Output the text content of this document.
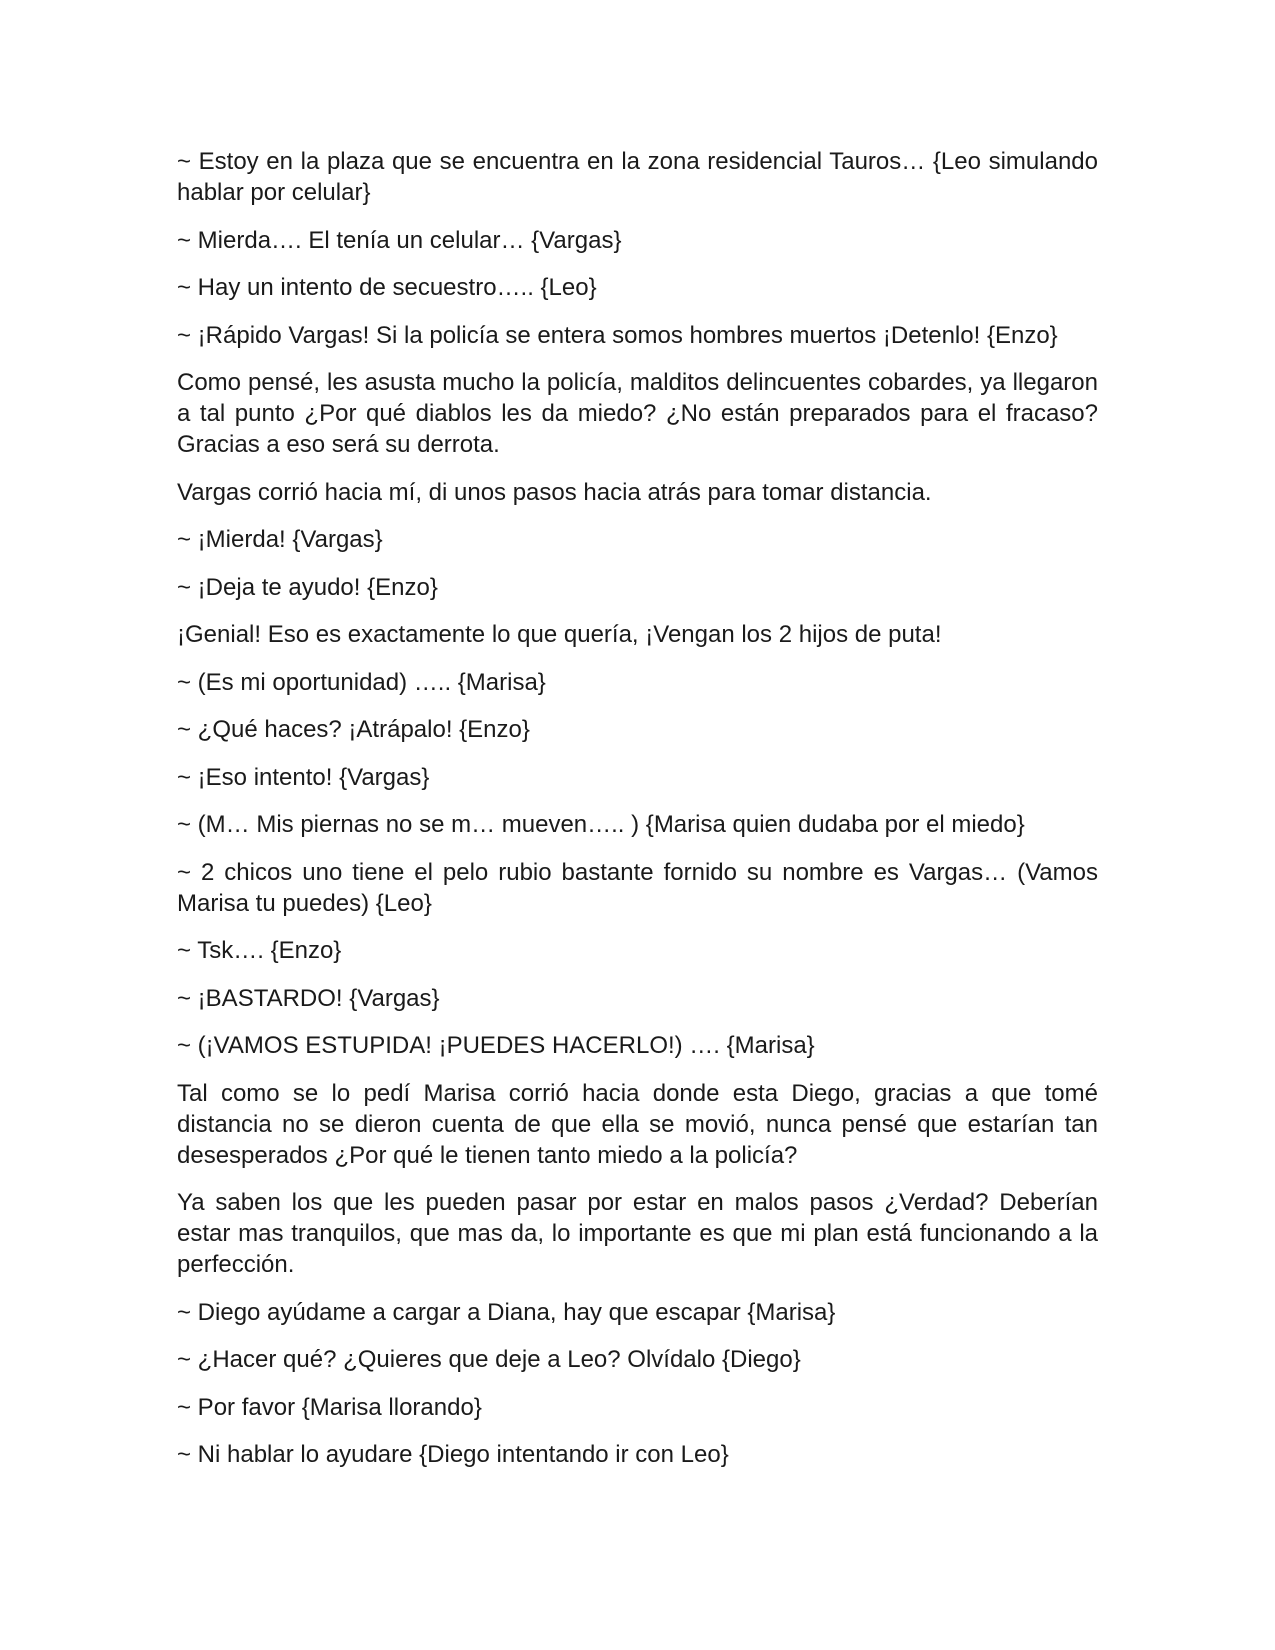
~ Estoy en la plaza que se encuentra en la zona residencial Tauros… {Leo simulando hablar por celular}

~ Mierda…. El tenía un celular… {Vargas}

~ Hay un intento de secuestro….. {Leo}

~ ¡Rápido Vargas! Si la policía se entera somos hombres muertos ¡Detenlo! {Enzo}

Como pensé, les asusta mucho la policía, malditos delincuentes cobardes, ya llegaron a tal punto ¿Por qué diablos les da miedo? ¿No están preparados para el fracaso? Gracias a eso será su derrota.

Vargas corrió hacia mí, di unos pasos hacia atrás para tomar distancia.

~ ¡Mierda! {Vargas}

~ ¡Deja te ayudo! {Enzo}

¡Genial! Eso es exactamente lo que quería, ¡Vengan los 2 hijos de puta!

~ (Es mi oportunidad) ….. {Marisa}

~ ¿Qué haces? ¡Atrápalo! {Enzo}

~ ¡Eso intento! {Vargas}

~ (M… Mis piernas no se m… mueven….. ) {Marisa quien dudaba por el miedo}

~ 2 chicos uno tiene el pelo rubio bastante fornido su nombre es Vargas… (Vamos Marisa tu puedes) {Leo}

~ Tsk…. {Enzo}

~ ¡BASTARDO! {Vargas}

~ (¡VAMOS ESTUPIDA! ¡PUEDES HACERLO!) …. {Marisa}

Tal como se lo pedí Marisa corrió hacia donde esta Diego, gracias a que tomé distancia no se dieron cuenta de que ella se movió, nunca pensé que estarían tan desesperados ¿Por qué le tienen tanto miedo a la policía?

Ya saben los que les pueden pasar por estar en malos pasos ¿Verdad? Deberían estar mas tranquilos, que mas da, lo importante es que mi plan está funcionando a la perfección.

~ Diego ayúdame a cargar a Diana, hay que escapar {Marisa}

~ ¿Hacer qué? ¿Quieres que deje a Leo? Olvídalo {Diego}

~ Por favor {Marisa llorando}

~ Ni hablar lo ayudare {Diego intentando ir con Leo}
